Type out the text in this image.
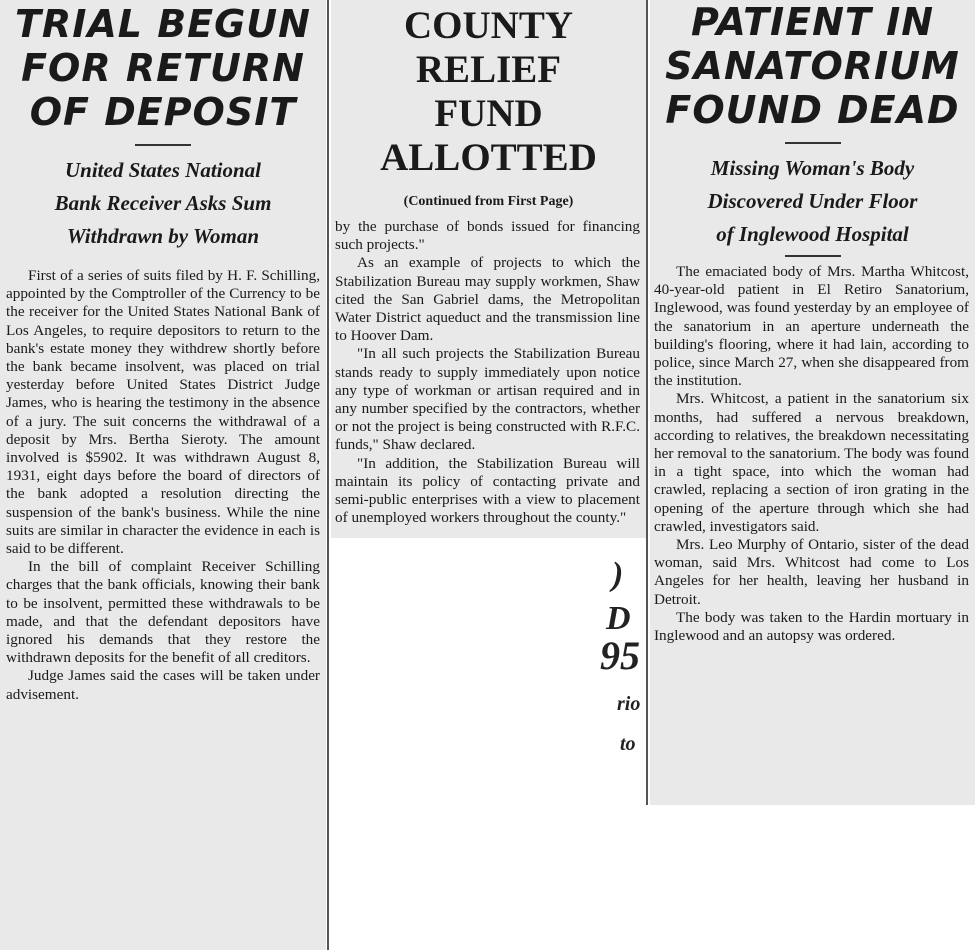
TRIAL BEGUN
FOR RETURN
OF DEPOSIT
United States National
Bank Receiver Asks Sum
Withdrawn by Woman

First of a series of suits filed by H. F. Schilling, appointed by the Comptroller of the Currency to be the receiver for the United States National Bank of Los Angeles, to require depositors to return to the bank's estate money they withdrew shortly before the bank became insolvent, was placed on trial yesterday before United States District Judge James, who is hearing the testimony in the absence of a jury. The suit concerns the withdrawal of a deposit by Mrs. Bertha Sieroty. The amount involved is $5902. It was withdrawn August 8, 1931, eight days before the board of directors of the bank adopted a resolution directing the suspension of the bank's business. While the nine suits are similar in character the evidence in each is said to be different.

In the bill of complaint Receiver Schilling charges that the bank officials, knowing their bank to be insolvent, permitted these withdrawals to be made, and that the defendant depositors have ignored his demands that they restore the withdrawn deposits for the benefit of all creditors.

Judge James said the cases will be taken under advisement.

COUNTY RELIEF
FUND ALLOTTED
(Continued from First Page)

by the purchase of bonds issued for financing such projects."

As an example of projects to which the Stabilization Bureau may supply workmen, Shaw cited the San Gabriel dams, the Metropolitan Water District aqueduct and the transmission line to Hoover Dam.

"In all such projects the Stabilization Bureau stands ready to supply immediately upon notice any type of workman or artisan required and in any number specified by the contractors, whether or not the project is being constructed with R.F.C. funds," Shaw declared.

"In addition, the Stabilization Bureau will maintain its policy of contacting private and semi-public enterprises with a view to placement of unemployed workers throughout the county."

)
D
95
rio
to
PATIENT IN
SANATORIUM
FOUND DEAD
Missing Woman's Body
Discovered Under Floor
of Inglewood Hospital

The emaciated body of Mrs. Martha Whitcost, 40-year-old patient in El Retiro Sanatorium, Inglewood, was found yesterday by an employee of the sanatorium in an aperture underneath the building's flooring, where it had lain, according to police, since March 27, when she disappeared from the institution.

Mrs. Whitcost, a patient in the sanatorium six months, had suffered a nervous breakdown, according to relatives, the breakdown necessitating her removal to the sanatorium. The body was found in a tight space, into which the woman had crawled, replacing a section of iron grating in the opening of the aperture through which she had crawled, investigators said.

Mrs. Leo Murphy of Ontario, sister of the dead woman, said Mrs. Whitcost had come to Los Angeles for her health, leaving her husband in Detroit.

The body was taken to the Hardin mortuary in Inglewood and an autopsy was ordered.
